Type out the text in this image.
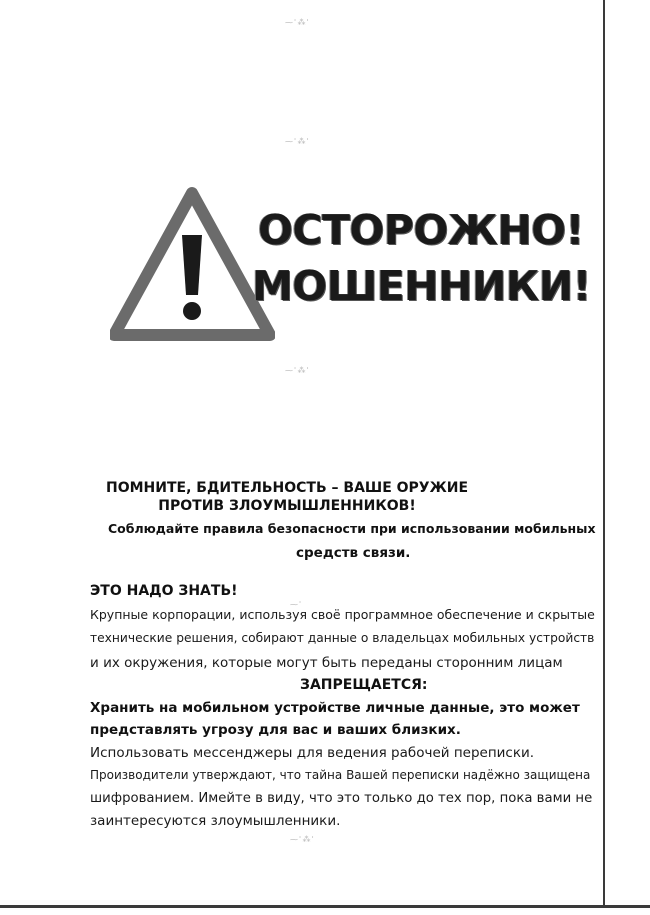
⁓ʾ⁂ʿ
⁓ʾ⁂ʿ
⁓ʾ⁂ʿ
⁓ʾ
⁓ʾ⁂ʿ
ОСТОРОЖНО!
МОШЕННИКИ!
ПОМНИТЕ, БДИТЕЛЬНОСТЬ – ВАШЕ ОРУЖИЕ
ПРОТИВ ЗЛОУМЫШЛЕННИКОВ!
Соблюдайте правила безопасности при использовании мобильных
средств связи.
ЭТО НАДО ЗНАТЬ!
Крупные корпорации, используя своё программное обеспечение и скрытые
технические решения, собирают данные о владельцах мобильных устройств
и их окружения, которые могут быть переданы сторонним лицам
ЗАПРЕЩАЕТСЯ:
Хранить на мобильном устройстве личные данные, это может
представлять угрозу для вас и ваших близких.
Использовать мессенджеры для ведения рабочей переписки.
Производители утверждают, что тайна Вашей переписки надёжно защищена
шифрованием. Имейте в виду, что это только до тех пор, пока вами не
заинтересуются злоумышленники.
